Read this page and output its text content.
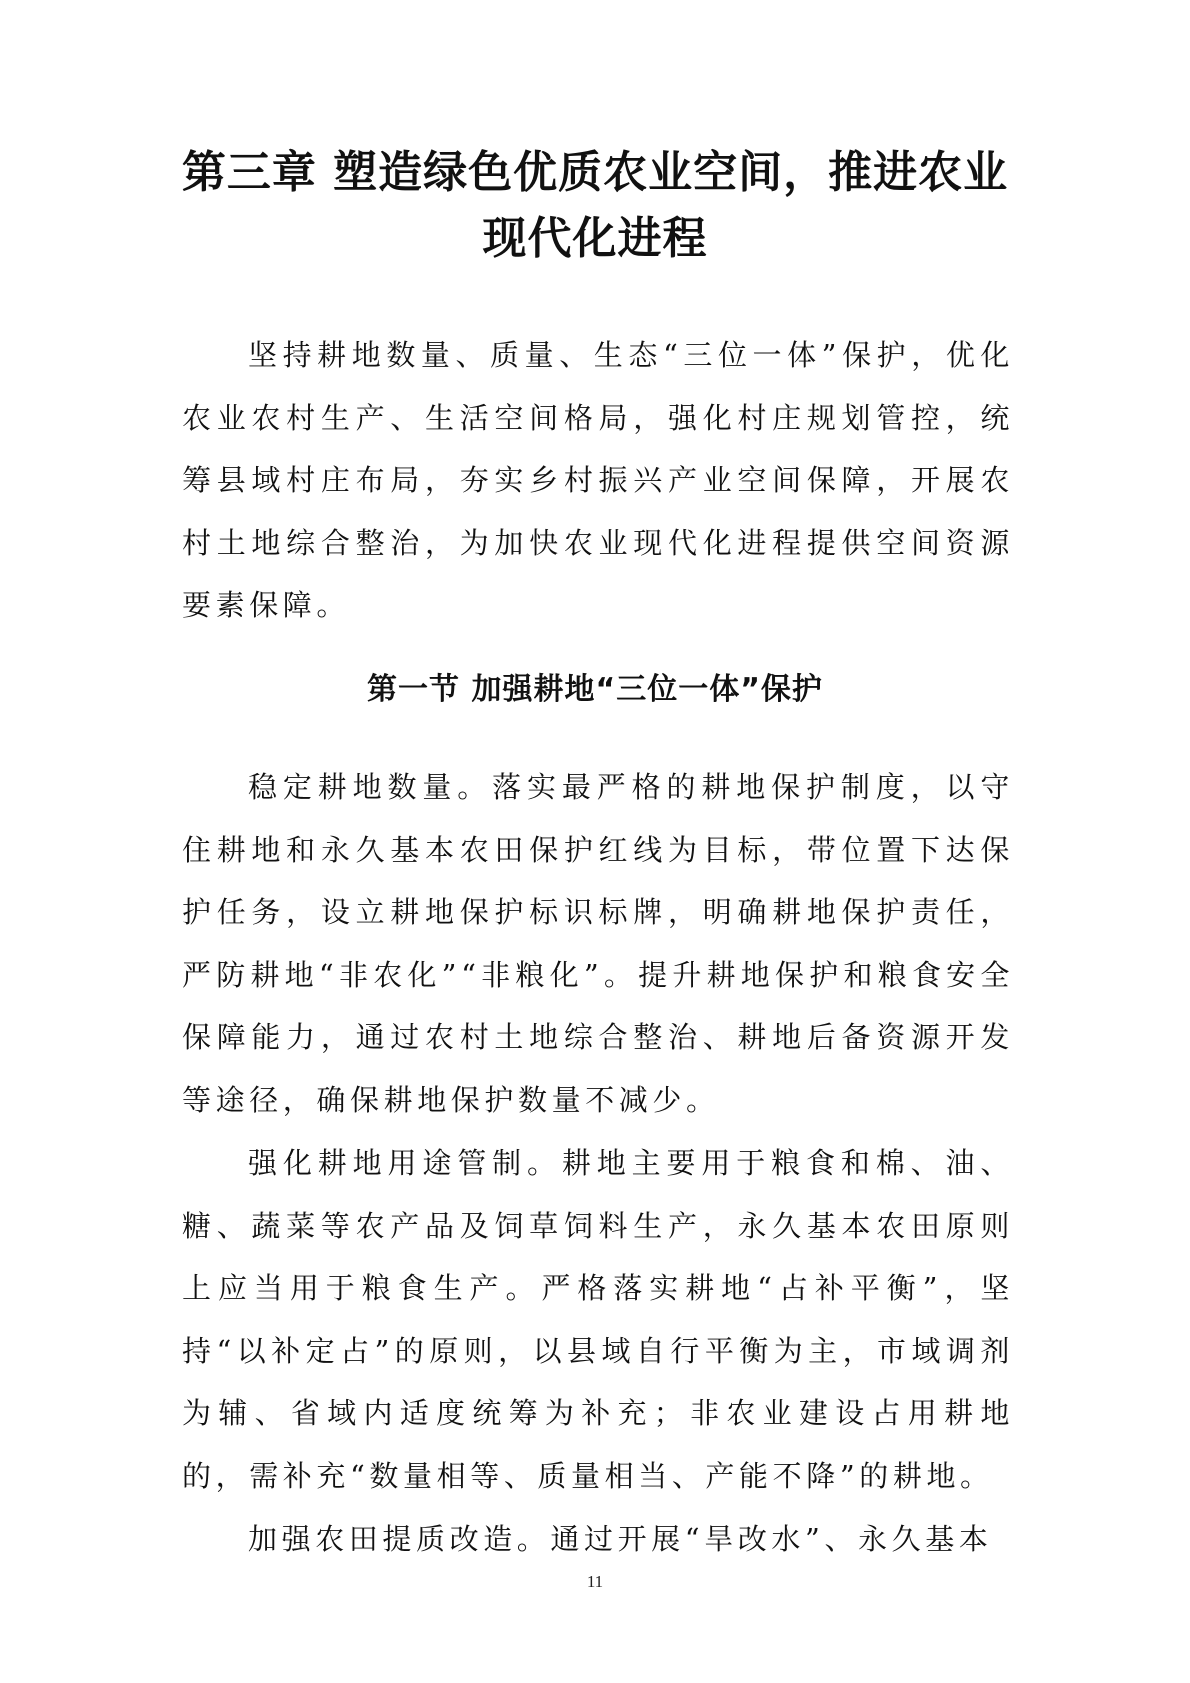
第三章 塑造绿色优质农业空间，推进农业
现代化进程

坚持耕地数量、质量、生态“三位一体”保护，优化农业农村生产、生活空间格局，强化村庄规划管控，统筹县域村庄布局，夯实乡村振兴产业空间保障，开展农村土地综合整治，为加快农业现代化进程提供空间资源要素保障。

第一节 加强耕地“三位一体”保护

稳定耕地数量。落实最严格的耕地保护制度，以守住耕地和永久基本农田保护红线为目标，带位置下达保护任务，设立耕地保护标识标牌，明确耕地保护责任，严防耕地“非农化”“非粮化”。提升耕地保护和粮食安全保障能力，通过农村土地综合整治、耕地后备资源开发等途径，确保耕地保护数量不减少。

强化耕地用途管制。耕地主要用于粮食和棉、油、糖、蔬菜等农产品及饲草饲料生产，永久基本农田原则上应当用于粮食生产。严格落实耕地“占补平衡”，坚持“以补定占”的原则，以县域自行平衡为主，市域调剂为辅、省域内适度统筹为补充；非农业建设占用耕地的，需补充“数量相等、质量相当、产能不降”的耕地。

加强农田提质改造。通过开展“旱改水”、永久基本

11
